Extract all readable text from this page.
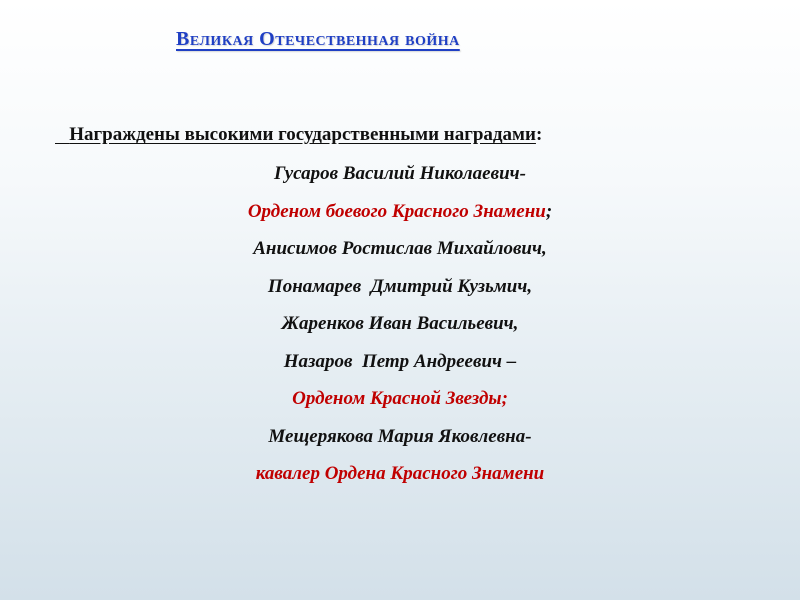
Великая Отечественная война

Награждены высокими государственными наградами:

Гусаров Василий Николаевич-
Орденом боевого Красного Знамени;
Анисимов Ростислав Михайлович,
Понамарев  Дмитрий Кузьмич,
Жаренков Иван Васильевич,
Назаров  Петр Андреевич –
Орденом Красной Звезды;
Мещерякова Мария Яковлевна-
кавалер Ордена Красного Знамени
